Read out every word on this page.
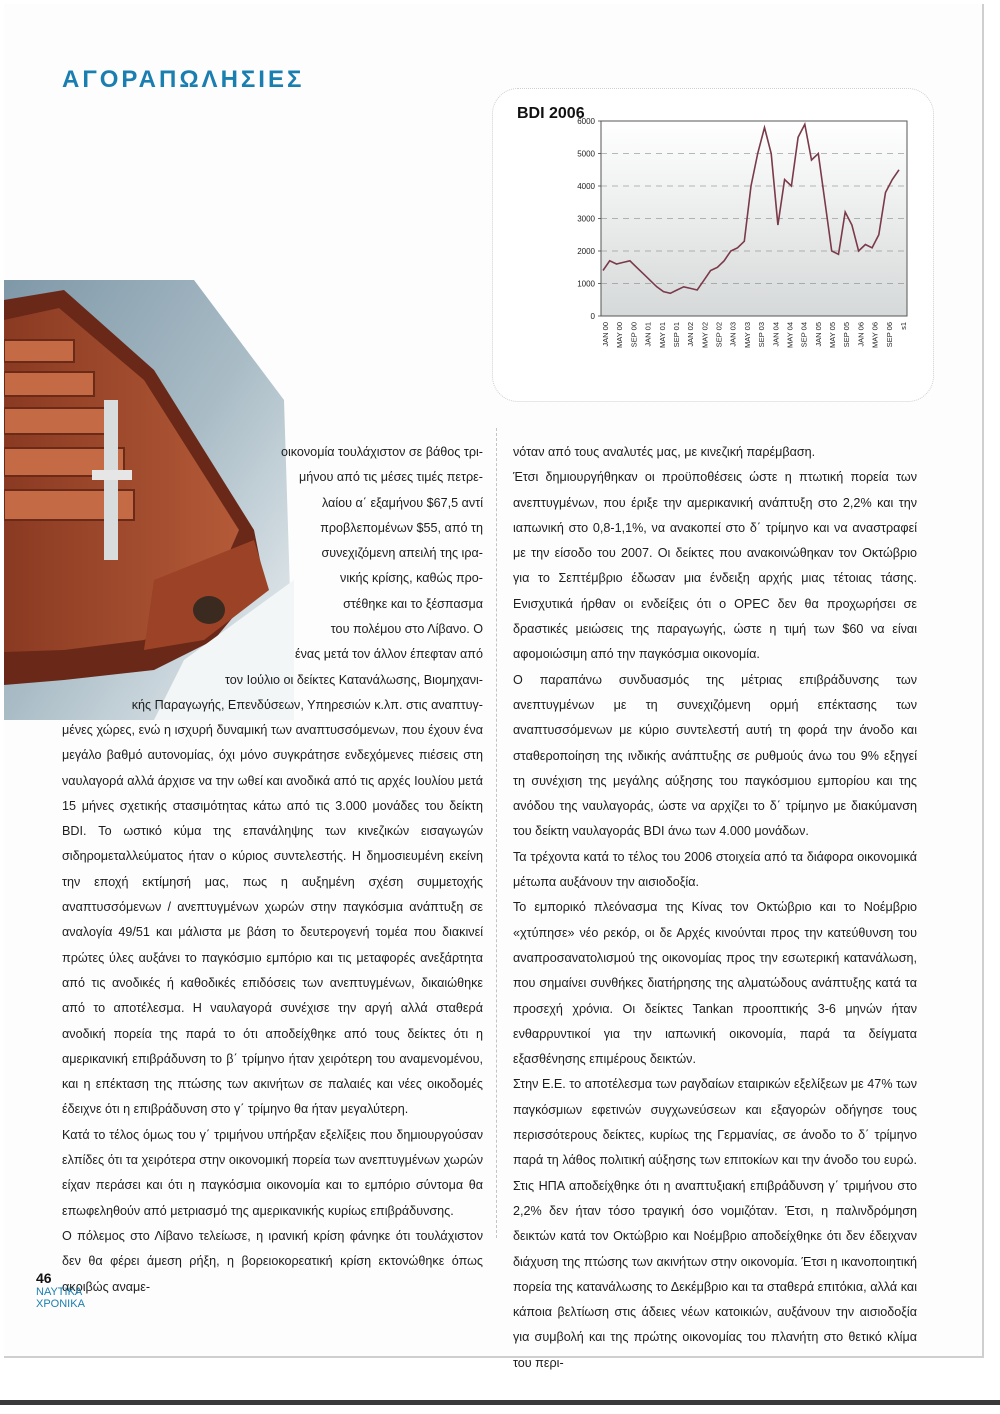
ΑΓΟΡΑΠΩΛΗΣΙΕΣ
BDI 2006
0
1000
2000
3000
4000
5000
6000
JAN 00 MAY 00 SEP 00 JAN 01 MAY 01 SEP 01 JAN 02 MAY 02 SEP 02 JAN 03 MAY 03 SEP 03 JAN 04 MAY 04 SEP 04 JAN 05 MAY 05 SEP 05 JAN 06 MAY 06 SEP 06 s1
οικονομία τουλάχιστον σε βάθος τρι-
μήνου από τις μέσες τιμές πετρε-
λαίου α΄ εξαμήνου $67,5 αντί
προβλεπομένων $55, από τη
συνεχιζόμενη απειλή της ιρα-
νικής κρίσης, καθώς προ-
στέθηκε και το ξέσπασμα
του πολέμου στο Λίβανο. Ο
ένας μετά τον άλλον έπεφταν από
τον Ιούλιο οι δείκτες Κατανάλωσης, Βιομηχανι-
κής Παραγωγής, Επενδύσεων, Υπηρεσιών κ.λπ. στις αναπτυγ-

μένες χώρες, ενώ η ισχυρή δυναμική των αναπτυσσόμενων, που έχουν ένα μεγάλο βαθμό αυτονομίας, όχι μόνο συγκράτησε ενδεχόμενες πιέσεις στη ναυλαγορά αλλά άρχισε να την ωθεί και ανοδικά από τις αρχές Ιουλίου μετά 15 μήνες σχετικής στασιμότητας κάτω από τις 3.000 μονάδες του δείκτη BDI. Το ωστικό κύμα της επανάληψης των κινεζικών εισαγωγών σιδηρομεταλλεύματος ήταν ο κύριος συντελεστής. Η δημοσιευμένη εκείνη την εποχή εκτίμησή μας, πως η αυξημένη σχέση συμμετοχής αναπτυσσόμενων / ανεπτυγμένων χωρών στην παγκόσμια ανάπτυξη σε αναλογία 49/51 και μάλιστα με βάση το δευτερογενή τομέα που διακινεί πρώτες ύλες αυξάνει το παγκόσμιο εμπόριο και τις μεταφορές ανεξάρτητα από τις ανοδικές ή καθοδικές επιδόσεις των ανεπτυγμένων, δικαιώθηκε από το αποτέλεσμα. Η ναυλαγορά συνέχισε την αργή αλλά σταθερά ανοδική πορεία της παρά το ότι αποδείχθηκε από τους δείκτες ότι η αμερικανική επιβράδυνση το β΄ τρίμηνο ήταν χειρότερη του αναμενομένου, και η επέκταση της πτώσης των ακινήτων σε παλαιές και νέες οικοδομές έδειχνε ότι η επιβράδυνση στο γ΄ τρίμηνο θα ήταν μεγαλύτερη.

Κατά το τέλος όμως του γ΄ τριμήνου υπήρξαν εξελίξεις που δημιουργούσαν ελπίδες ότι τα χειρότερα στην οικονομική πορεία των ανεπτυγμένων χωρών είχαν περάσει και ότι η παγκόσμια οικονομία και το εμπόριο σύντομα θα επωφεληθούν από μετριασμό της αμερικανικής κυρίως επιβράδυνσης.

Ο πόλεμος στο Λίβανο τελείωσε, η ιρανική κρίση φάνηκε ότι τουλάχιστον δεν θα φέρει άμεση ρήξη, η βορειοκορεατική κρίση εκτονώθηκε όπως ακριβώς αναμε-

νόταν από τους αναλυτές μας, με κινεζική παρέμβαση.

Έτσι δημιουργήθηκαν οι προϋποθέσεις ώστε η πτωτική πορεία των ανεπτυγμένων, που έριξε την αμερικανική ανάπτυξη στο 2,2% και την ιαπωνική στο 0,8-1,1%, να ανακοπεί στο δ΄ τρίμηνο και να αναστραφεί με την είσοδο του 2007. Οι δείκτες που ανακοινώθηκαν τον Οκτώβριο για το Σεπτέμβριο έδωσαν μια ένδειξη αρχής μιας τέτοιας τάσης. Ενισχυτικά ήρθαν οι ενδείξεις ότι ο OPEC δεν θα προχωρήσει σε δραστικές μειώσεις της παραγωγής, ώστε η τιμή των $60 να είναι αφομοιώσιμη από την παγκόσμια οικονομία.

Ο παραπάνω συνδυασμός της μέτριας επιβράδυνσης των ανεπτυγμένων με τη συνεχιζόμενη ορμή επέκτασης των αναπτυσσόμενων με κύριο συντελεστή αυτή τη φορά την άνοδο και σταθεροποίηση της ινδικής ανάπτυξης σε ρυθμούς άνω του 9% εξηγεί τη συνέχιση της μεγάλης αύξησης του παγκόσμιου εμπορίου και της ανόδου της ναυλαγοράς, ώστε να αρχίζει το δ΄ τρίμηνο με διακύμανση του δείκτη ναυλαγοράς BDI άνω των 4.000 μονάδων.

Τα τρέχοντα κατά το τέλος του 2006 στοιχεία από τα διάφορα οικονομικά μέτωπα αυξάνουν την αισιοδοξία.

Το εμπορικό πλεόνασμα της Κίνας τον Οκτώβριο και το Νοέμβριο «χτύπησε» νέο ρεκόρ, οι δε Αρχές κινούνται προς την κατεύθυνση του αναπροσανατολισμού της οικονομίας προς την εσωτερική κατανάλωση, που σημαίνει συνθήκες διατήρησης της αλματώδους ανάπτυξης κατά τα προσεχή χρόνια. Οι δείκτες Tankan προοπτικής 3-6 μηνών ήταν ενθαρρυντικοί για την ιαπωνική οικονομία, παρά τα δείγματα εξασθένησης επιμέρους δεικτών.

Στην Ε.Ε. το αποτέλεσμα των ραγδαίων εταιρικών εξελίξεων με 47% των παγκόσμιων εφετινών συγχωνεύσεων και εξαγορών οδήγησε τους περισσότερους δείκτες, κυρίως της Γερμανίας, σε άνοδο το δ΄ τρίμηνο παρά τη λάθος πολιτική αύξησης των επιτοκίων και την άνοδο του ευρώ. Στις ΗΠΑ αποδείχθηκε ότι η αναπτυξιακή επιβράδυνση γ΄ τριμήνου στο 2,2% δεν ήταν τόσο τραγική όσο νομιζόταν. Έτσι, η παλινδρόμηση δεικτών κατά τον Οκτώβριο και Νοέμβριο αποδείχθηκε ότι δεν έδειχναν διάχυση της πτώσης των ακινήτων στην οικονομία. Έτσι η ικανοποιητική πορεία της κατανάλωσης το Δεκέμβριο και τα σταθερά επιτόκια, αλλά και κάποια βελτίωση στις άδειες νέων κατοικιών, αυξάνουν την αισιοδοξία για συμβολή και της πρώτης οικονομίας του πλανήτη στο θετικό κλίμα του περι-

46
ΝΑΥΤΙΚΑ
ΧΡΟΝΙΚΑ
